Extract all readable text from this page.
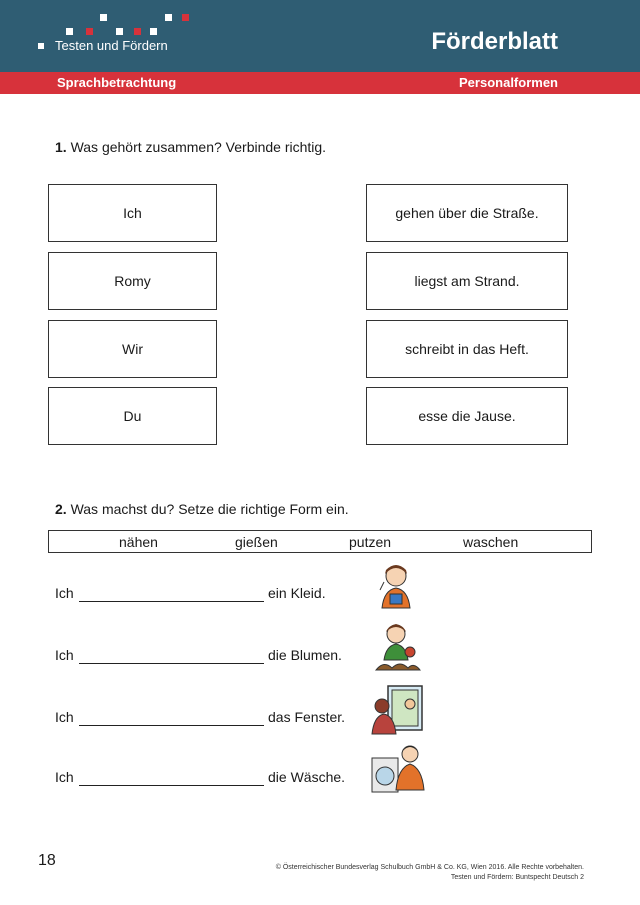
Testen und Fördern	Förderblatt
Sprachbetrachtung	Personalformen
1. Was gehört zusammen? Verbinde richtig.
Ich
Romy
Wir
Du
gehen über die Straße.
liegst am Strand.
schreibt in das Heft.
esse die Jause.
2. Was machst du? Setze die richtige Form ein.
nähen	gießen	putzen	waschen
Ich	ein Kleid.
Ich	die Blumen.
Ich	das Fenster.
Ich	die Wäsche.
18	© Österreichischer Bundesverlag Schulbuch GmbH & Co. KG, Wien 2016. Alle Rechte vorbehalten.
Testen und Fördern: Buntspecht Deutsch 2
